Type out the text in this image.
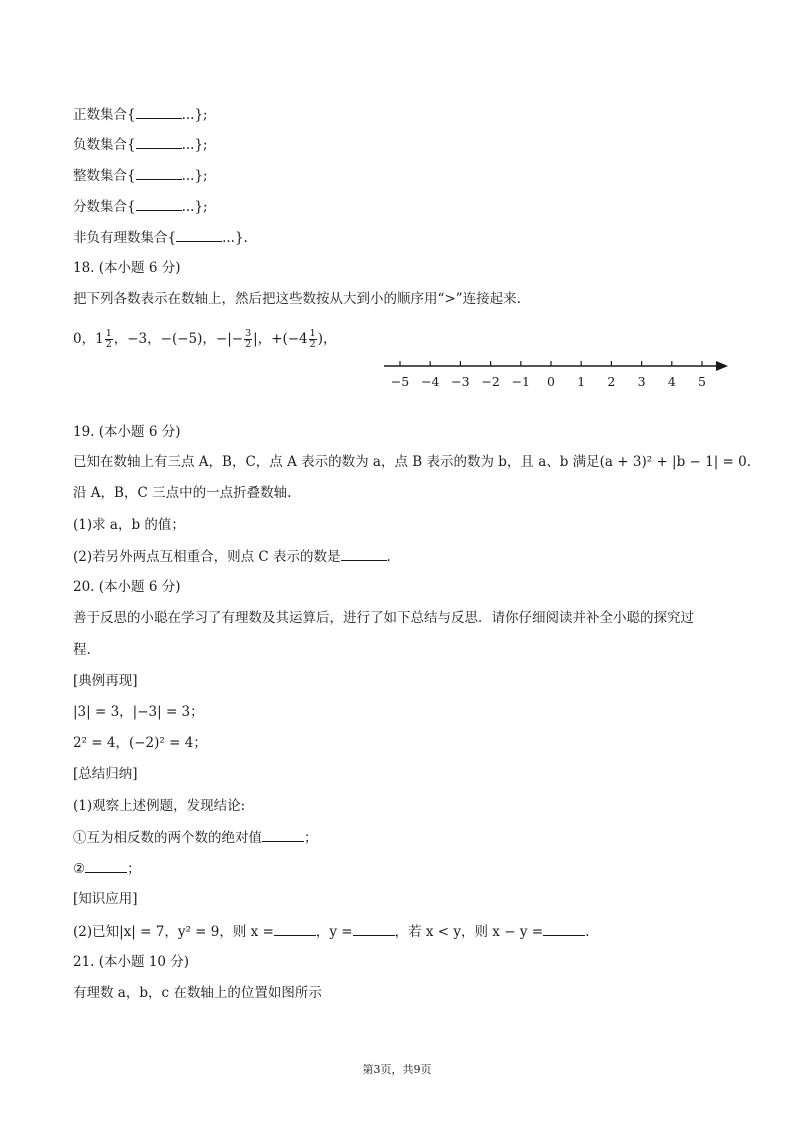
正数集合{	...};
负数集合{	...};
整数集合{	...};
分数集合{	...};
非负有理数集合{	...}.
18. (本小题 6 分)
把下列各数表示在数轴上，然后把这些数按从大到小的顺序用“>”连接起来.
0，$1 \frac{1}{2}$ ，−3，−(−5)，−|− $\frac{3}{2}$ |，$+(-4 \frac{1}{2}$ )，
−5 −4 −3 −2 −1 0 1 2 3 4 5
19. (本小题 6 分)
已知在数轴上有三点 A，B，C，点 A 表示的数为 a，点 B 表示的数为 b，且 a、b 满足(a + 3)² + |b − 1| = 0.
沿 A，B，C 三点中的一点折叠数轴.
(1)求 a，b 的值；
(2)若另外两点互相重合，则点 C 表示的数是	.
20. (本小题 6 分)
善于反思的小聪在学习了有理数及其运算后，进行了如下总结与反思．请你仔细阅读并补全小聪的探究过
程.
[典例再现]
|3| = 3，|−3| = 3；
2² = 4，(−2)² = 4；
[总结归纳]
(1)观察上述例题，发现结论:
①互为相反数的两个数的绝对值	；
②	；
[知识应用]
(2)已知|x| = 7，y² = 9，则 x =	，y =	，若 x < y，则 x − y =	.
21. (本小题 10 分)
有理数 a，b，c 在数轴上的位置如图所示
第3页，共9页
